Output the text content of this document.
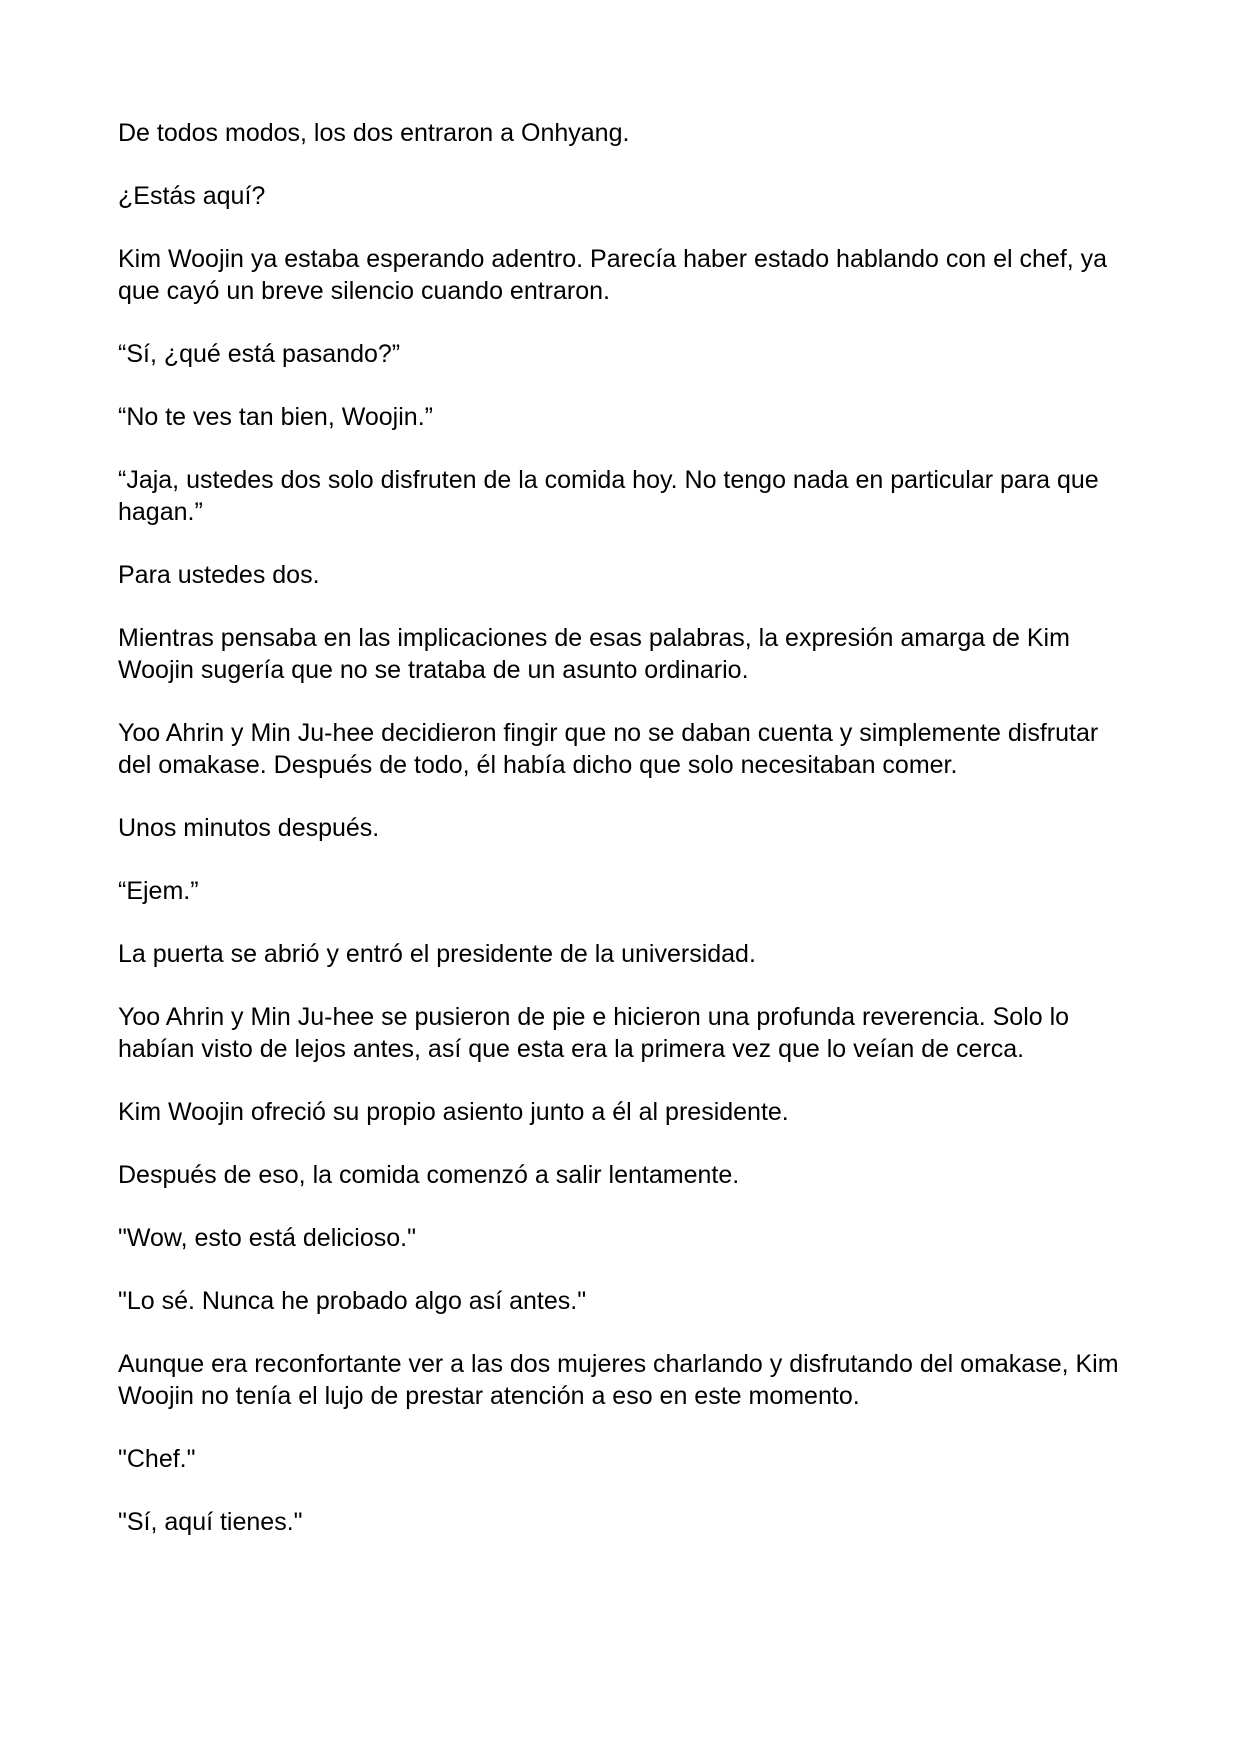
De todos modos, los dos entraron a Onhyang.

¿Estás aquí?

Kim Woojin ya estaba esperando adentro. Parecía haber estado hablando con el chef, ya que cayó un breve silencio cuando entraron.

“Sí, ¿qué está pasando?”

“No te ves tan bien, Woojin.”

“Jaja, ustedes dos solo disfruten de la comida hoy. No tengo nada en particular para que hagan.”

Para ustedes dos.

Mientras pensaba en las implicaciones de esas palabras, la expresión amarga de Kim Woojin sugería que no se trataba de un asunto ordinario.

Yoo Ahrin y Min Ju-hee decidieron fingir que no se daban cuenta y simplemente disfrutar del omakase. Después de todo, él había dicho que solo necesitaban comer.

Unos minutos después.

“Ejem.”

La puerta se abrió y entró el presidente de la universidad.

Yoo Ahrin y Min Ju-hee se pusieron de pie e hicieron una profunda reverencia. Solo lo habían visto de lejos antes, así que esta era la primera vez que lo veían de cerca.

Kim Woojin ofreció su propio asiento junto a él al presidente.

Después de eso, la comida comenzó a salir lentamente.

"Wow, esto está delicioso."

"Lo sé. Nunca he probado algo así antes."

Aunque era reconfortante ver a las dos mujeres charlando y disfrutando del omakase, Kim Woojin no tenía el lujo de prestar atención a eso en este momento.

"Chef."

"Sí, aquí tienes."
